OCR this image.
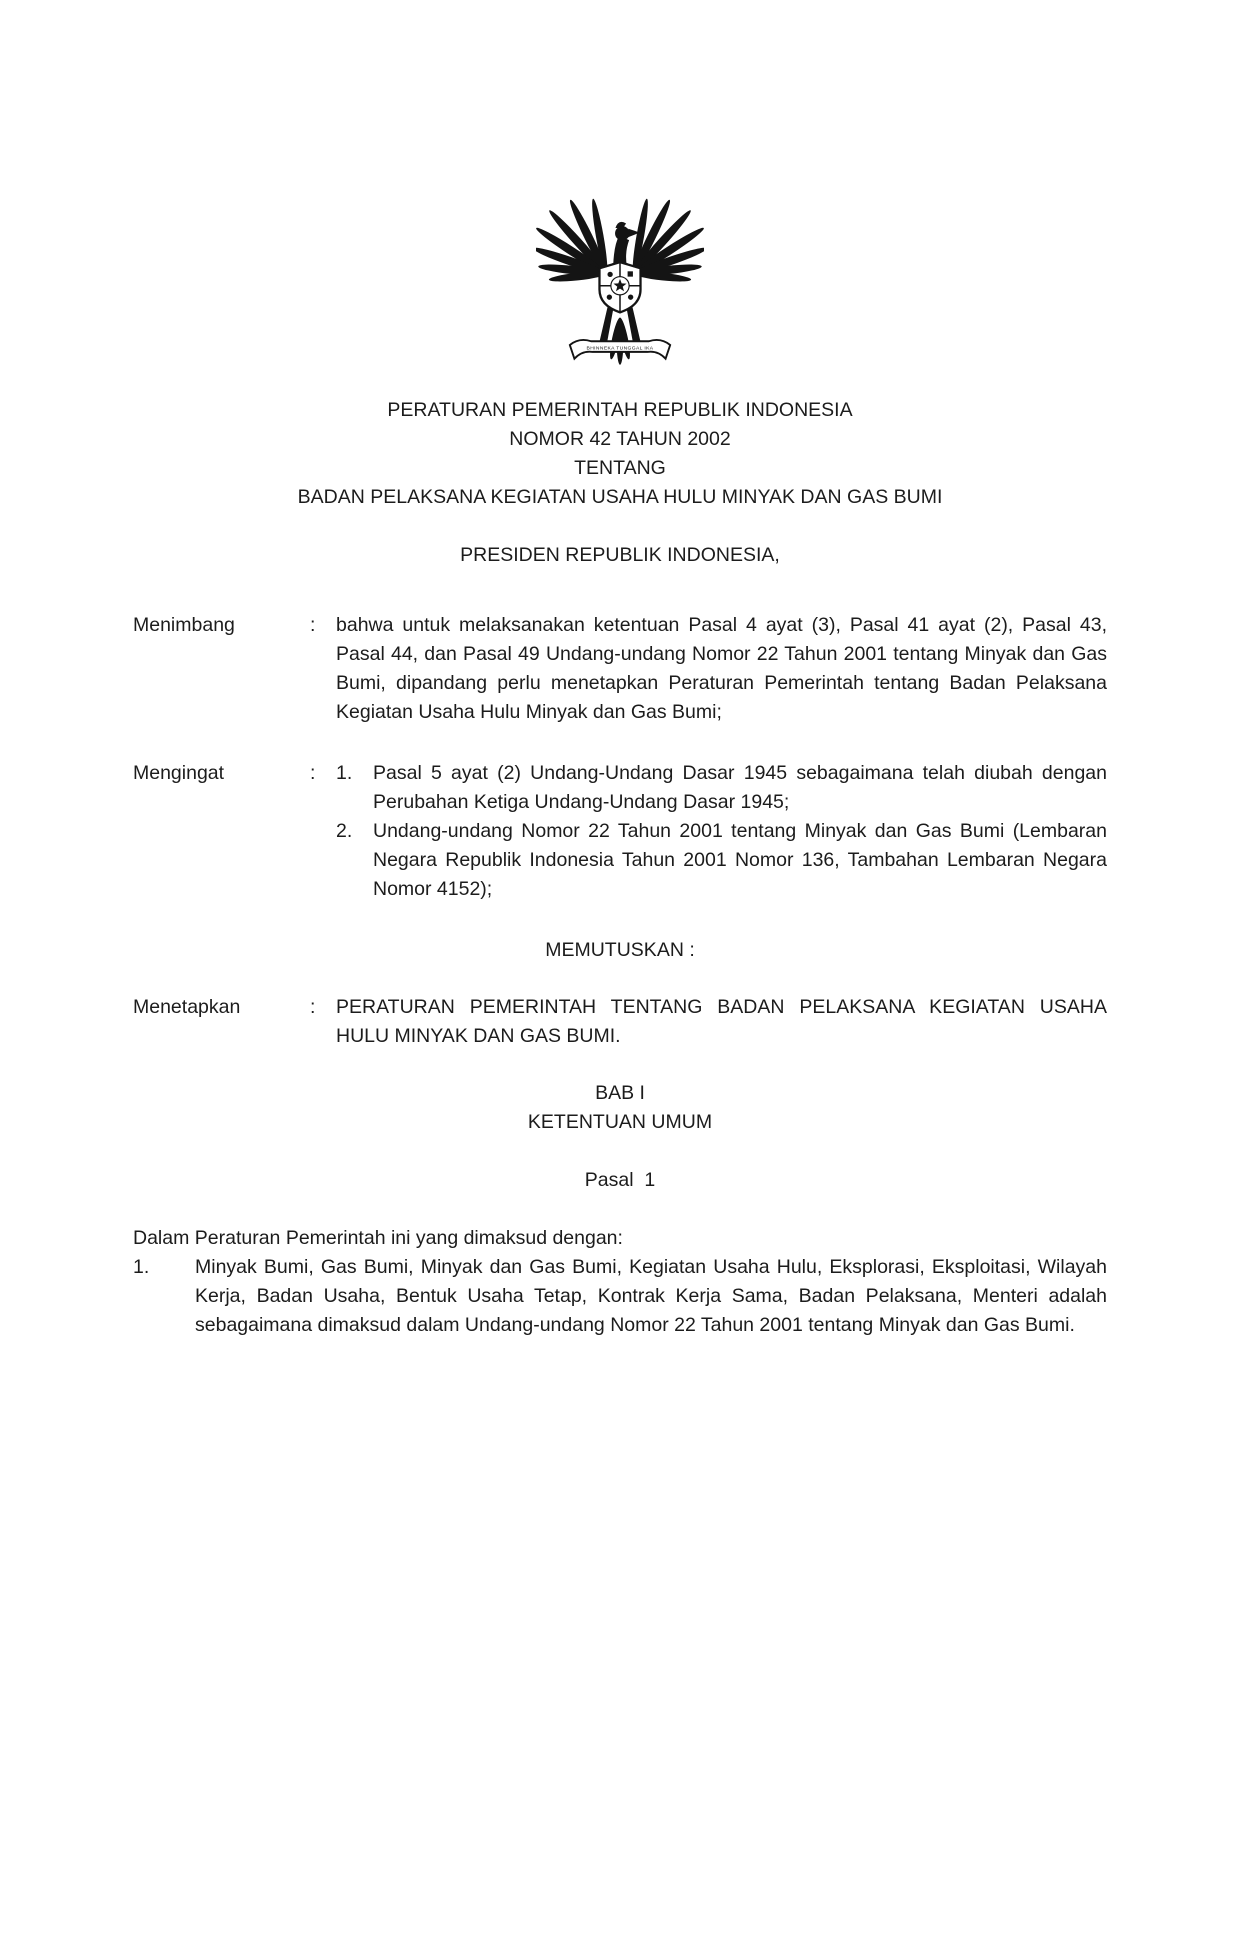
BHINNEKA TUNGGAL IKA
PERATURAN PEMERINTAH REPUBLIK INDONESIA
NOMOR 42 TAHUN 2002
TENTANG
BADAN PELAKSANA KEGIATAN USAHA HULU MINYAK DAN GAS BUMI
PRESIDEN REPUBLIK INDONESIA,
Menimbang	:	bahwa untuk melaksanakan ketentuan Pasal 4 ayat (3), Pasal 41 ayat (2), Pasal 43, Pasal 44, dan Pasal 49 Undang-undang Nomor 22 Tahun 2001 tentang Minyak dan Gas Bumi, dipandang perlu menetapkan Peraturan Pemerintah tentang Badan Pelaksana Kegiatan Usaha Hulu Minyak dan Gas Bumi;
Mengingat	:	1.	Pasal 5 ayat (2) Undang-Undang Dasar 1945 sebagaimana telah diubah dengan Perubahan Ketiga Undang-Undang Dasar 1945;
2.	Undang-undang Nomor 22 Tahun 2001 tentang Minyak dan Gas Bumi (Lembaran Negara Republik Indonesia Tahun 2001 Nomor 136, Tambahan Lembaran Negara Nomor 4152);
MEMUTUSKAN :
Menetapkan	:	PERATURAN PEMERINTAH TENTANG BADAN PELAKSANA KEGIATAN USAHA HULU MINYAK DAN GAS BUMI.
BAB I
KETENTUAN UMUM
Pasal  1
Dalam Peraturan Pemerintah ini yang dimaksud dengan:
1.	Minyak Bumi, Gas Bumi, Minyak dan Gas Bumi, Kegiatan Usaha Hulu, Eksplorasi, Eksploitasi, Wilayah Kerja, Badan Usaha, Bentuk Usaha Tetap, Kontrak Kerja Sama, Badan Pelaksana, Menteri adalah sebagaimana dimaksud dalam Undang-undang Nomor 22 Tahun 2001 tentang Minyak dan Gas Bumi.
